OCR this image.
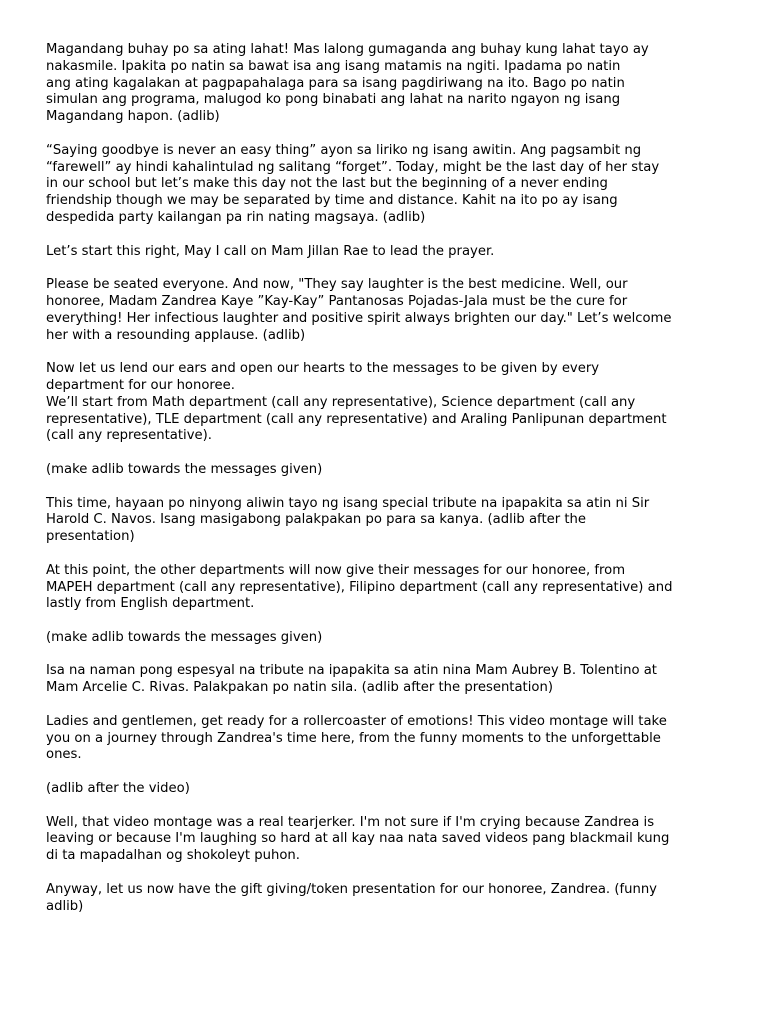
Magandang buhay po sa ating lahat! Mas lalong gumaganda ang buhay kung lahat tayo ay
nakasmile. Ipakita po natin sa bawat isa ang isang matamis na ngiti. Ipadama po natin
ang ating kagalakan at pagpapahalaga para sa isang pagdiriwang na ito. Bago po natin
simulan ang programa, malugod ko pong binabati ang lahat na narito ngayon ng isang
Magandang hapon. (adlib)

“Saying goodbye is never an easy thing” ayon sa liriko ng isang awitin. Ang pagsambit ng
“farewell” ay hindi kahalintulad ng salitang “forget”. Today, might be the last day of her stay
in our school but let’s make this day not the last but the beginning of a never ending
friendship though we may be separated by time and distance. Kahit na ito po ay isang
despedida party kailangan pa rin nating magsaya. (adlib)

Let’s start this right, May I call on Mam Jillan Rae to lead the prayer.

Please be seated everyone. And now, "They say laughter is the best medicine. Well, our
honoree, Madam Zandrea Kaye ”Kay-Kay” Pantanosas Pojadas-Jala must be the cure for
everything! Her infectious laughter and positive spirit always brighten our day." Let’s welcome
her with a resounding applause. (adlib)

Now let us lend our ears and open our hearts to the messages to be given by every
department for our honoree.
We’ll start from Math department (call any representative), Science department (call any
representative), TLE department (call any representative) and Araling Panlipunan department
(call any representative).

(make adlib towards the messages given)

This time, hayaan po ninyong aliwin tayo ng isang special tribute na ipapakita sa atin ni Sir
Harold C. Navos. Isang masigabong palakpakan po para sa kanya. (adlib after the
presentation)

At this point, the other departments will now give their messages for our honoree, from
MAPEH department (call any representative), Filipino department (call any representative) and
lastly from English department.

(make adlib towards the messages given)

Isa na naman pong espesyal na tribute na ipapakita sa atin nina Mam Aubrey B. Tolentino at
Mam Arcelie C. Rivas. Palakpakan po natin sila. (adlib after the presentation)

Ladies and gentlemen, get ready for a rollercoaster of emotions! This video montage will take
you on a journey through Zandrea's time here, from the funny moments to the unforgettable
ones.

(adlib after the video)

Well, that video montage was a real tearjerker. I'm not sure if I'm crying because Zandrea is
leaving or because I'm laughing so hard at all kay naa nata saved videos pang blackmail kung
di ta mapadalhan og shokoleyt puhon.

Anyway, let us now have the gift giving/token presentation for our honoree, Zandrea. (funny
adlib)
